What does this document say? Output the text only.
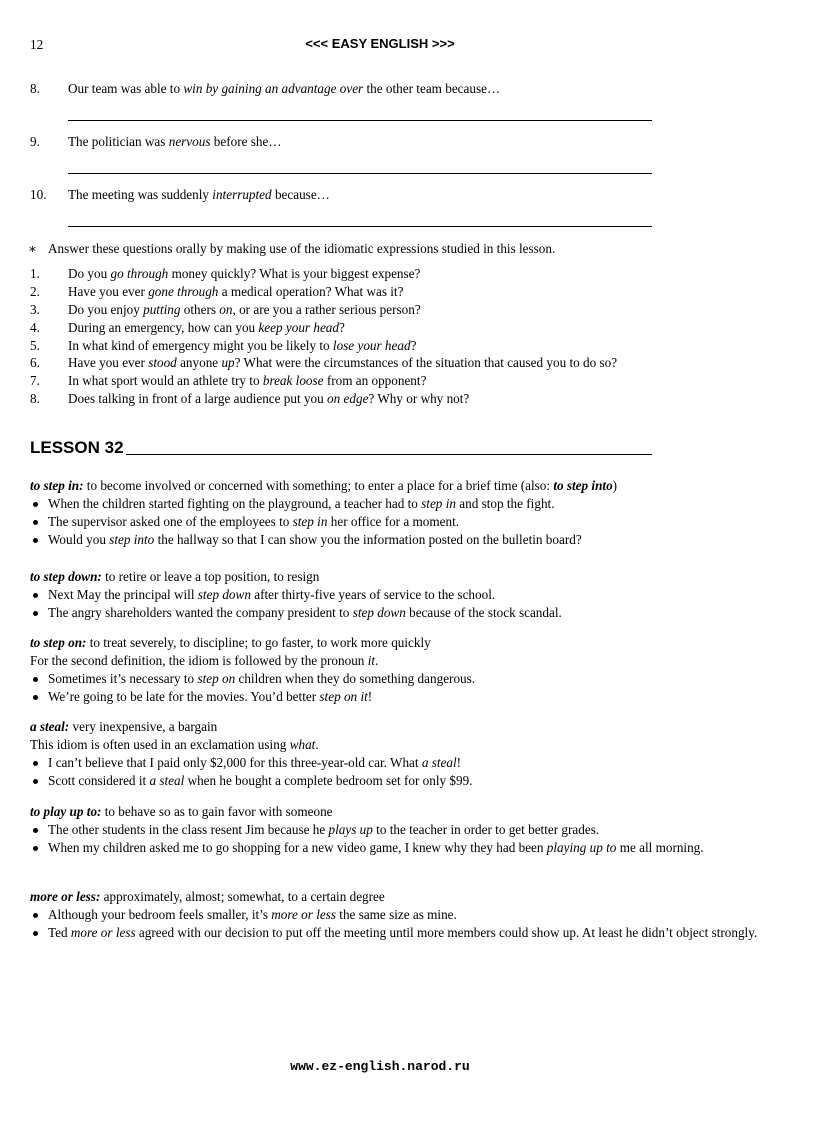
12	<<< EASY ENGLISH >>>
8. Our team was able to win by gaining an advantage over the other team because…
9. The politician was nervous before she…
10. The meeting was suddenly interrupted because…
∗ Answer these questions orally by making use of the idiomatic expressions studied in this lesson.
1. Do you go through money quickly? What is your biggest expense?
2. Have you ever gone through a medical operation? What was it?
3. Do you enjoy putting others on, or are you a rather serious person?
4. During an emergency, how can you keep your head?
5. In what kind of emergency might you be likely to lose your head?
6. Have you ever stood anyone up? What were the circumstances of the situation that caused you to do so?
7. In what sport would an athlete try to break loose from an opponent?
8. Does talking in front of a large audience put you on edge? Why or why not?
LESSON 32

to step in: to become involved or concerned with something; to enter a place for a brief time (also: to step into)

When the children started fighting on the playground, a teacher had to step in and stop the fight.
The supervisor asked one of the employees to step in her office for a moment.
Would you step into the hallway so that I can show you the information posted on the bulletin board?

to step down: to retire or leave a top position, to resign

Next May the principal will step down after thirty-five years of service to the school.
The angry shareholders wanted the company president to step down because of the stock scandal.

to step on: to treat severely, to discipline; to go faster, to work more quickly

For the second definition, the idiom is followed by the pronoun it.

Sometimes it’s necessary to step on children when they do something dangerous.
We’re going to be late for the movies. You’d better step on it!

a steal: very inexpensive, a bargain

This idiom is often used in an exclamation using what.

I can’t believe that I paid only $2,000 for this three-year-old car. What a steal!
Scott considered it a steal when he bought a complete bedroom set for only $99.

to play up to: to behave so as to gain favor with someone

The other students in the class resent Jim because he plays up to the teacher in order to get better grades.
When my children asked me to go shopping for a new video game, I knew why they had been playing up to me all morning.

more or less: approximately, almost; somewhat, to a certain degree

Although your bedroom feels smaller, it’s more or less the same size as mine.
Ted more or less agreed with our decision to put off the meeting until more members could show up. At least he didn’t object strongly.
www.ez-english.narod.ru
